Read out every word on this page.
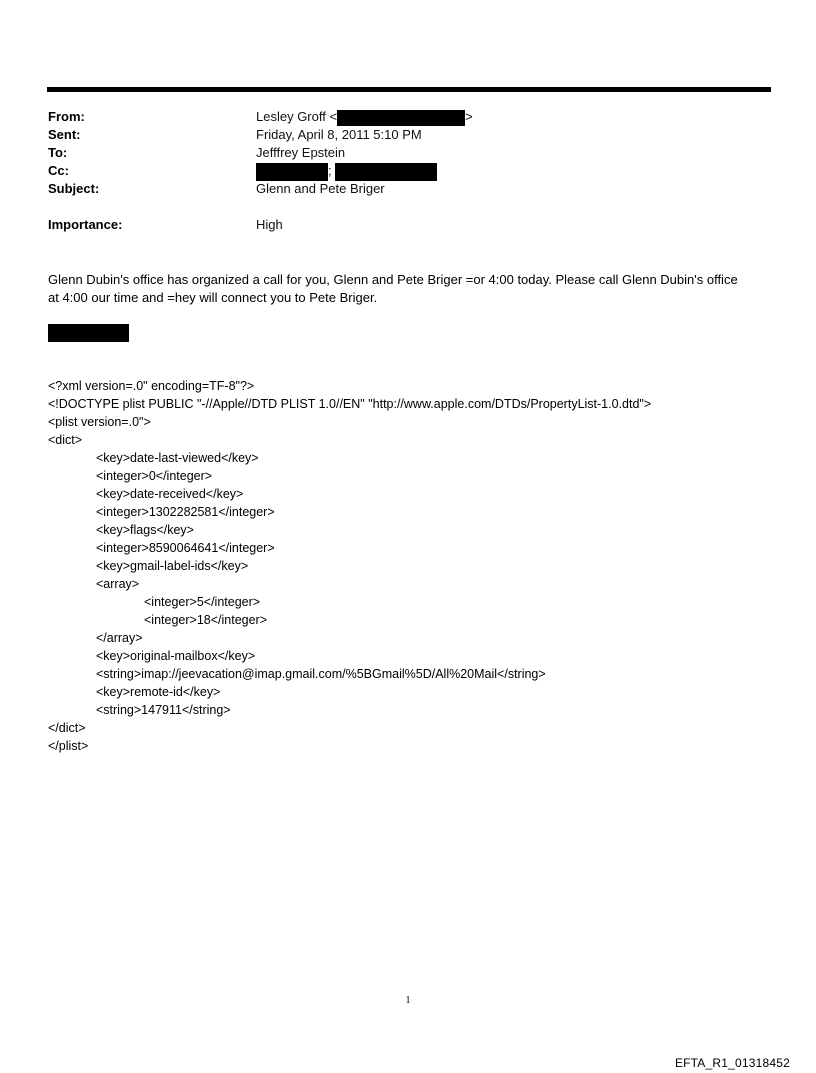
From:	Lesley Groff <	>
Sent:	Friday, April 8, 2011 5:10 PM
To:	Jefffrey Epstein
Cc:	;
Subject:	Glenn and Pete Briger
Importance:	High
Glenn Dubin's office has organized a call for you, Glenn and Pete Briger =or 4:00 today. Please call Glenn Dubin's office
at 4:00 our time and =hey will connect you to Pete Briger.
<?xml version=.0" encoding=TF-8"?>
<!DOCTYPE plist PUBLIC "-//Apple//DTD PLIST 1.0//EN" "http://www.apple.com/DTDs/PropertyList-1.0.dtd">
<plist version=.0">
<dict>
<key>date-last-viewed</key>
<integer>0</integer>
<key>date-received</key>
<integer>1302282581</integer>
<key>flags</key>
<integer>8590064641</integer>
<key>gmail-label-ids</key>
<array>
<integer>5</integer>
<integer>18</integer>
</array>
<key>original-mailbox</key>
<string>imap://jeevacation@imap.gmail.com/%5BGmail%5D/All%20Mail</string>
<key>remote-id</key>
<string>147911</string>
</dict>
</plist>
1
EFTA_R1_01318452
